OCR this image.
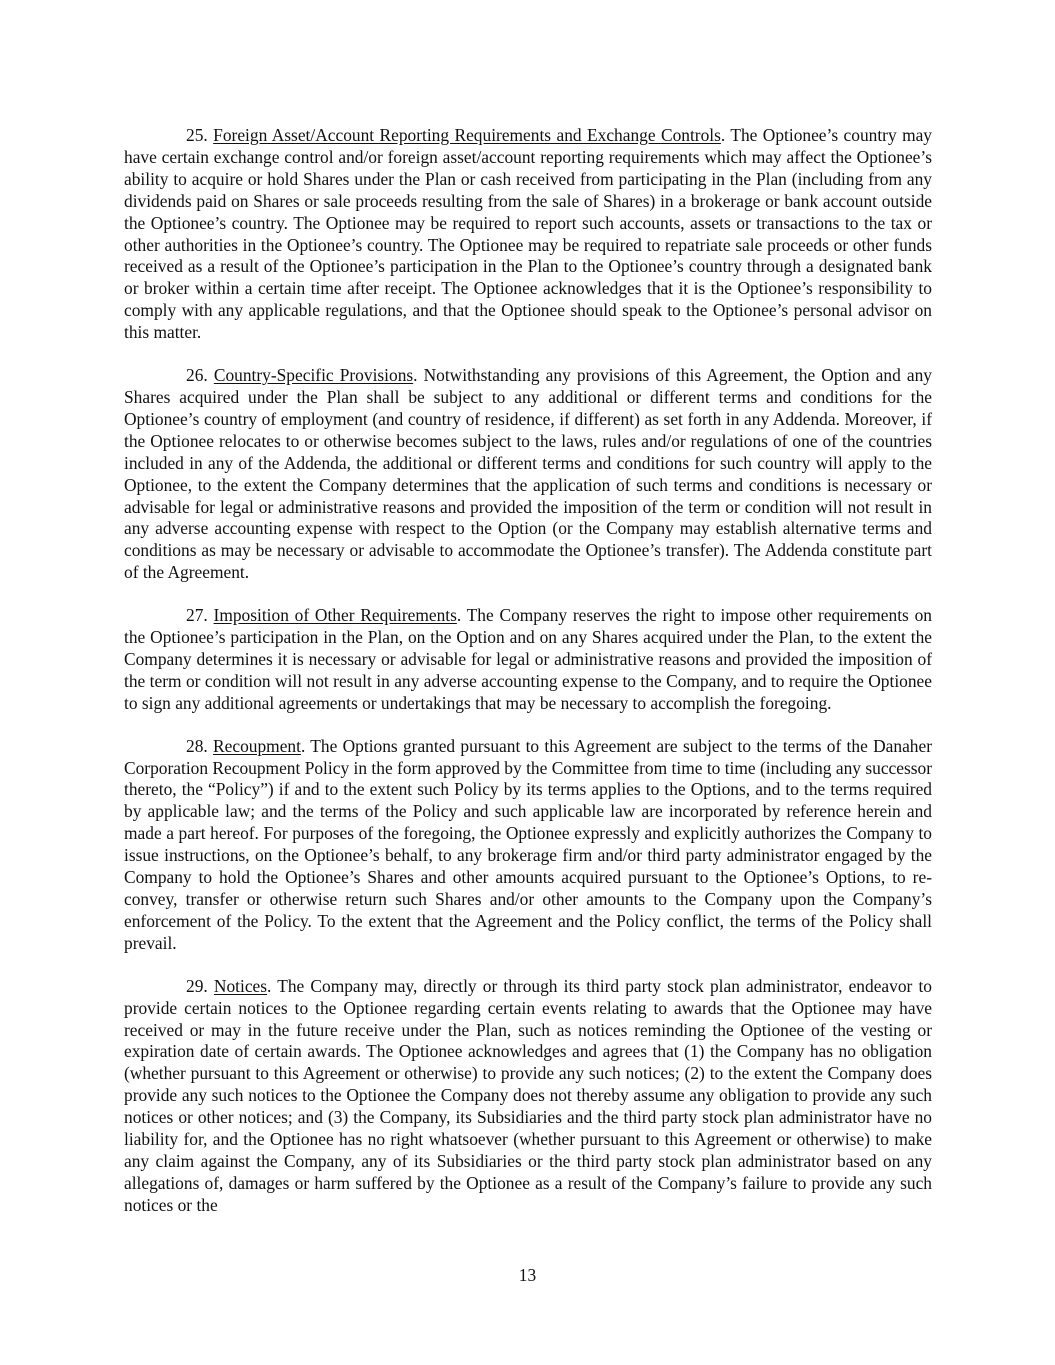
25. Foreign Asset/Account Reporting Requirements and Exchange Controls. The Optionee’s country may have certain exchange control and/or foreign asset/account reporting requirements which may affect the Optionee’s ability to acquire or hold Shares under the Plan or cash received from participating in the Plan (including from any dividends paid on Shares or sale proceeds resulting from the sale of Shares) in a brokerage or bank account outside the Optionee’s country. The Optionee may be required to report such accounts, assets or transactions to the tax or other authorities in the Optionee’s country. The Optionee may be required to repatriate sale proceeds or other funds received as a result of the Optionee’s participation in the Plan to the Optionee’s country through a designated bank or broker within a certain time after receipt. The Optionee acknowledges that it is the Optionee’s responsibility to comply with any applicable regulations, and that the Optionee should speak to the Optionee’s personal advisor on this matter.

26. Country-Specific Provisions. Notwithstanding any provisions of this Agreement, the Option and any Shares acquired under the Plan shall be subject to any additional or different terms and conditions for the Optionee’s country of employment (and country of residence, if different) as set forth in any Addenda. Moreover, if the Optionee relocates to or otherwise becomes subject to the laws, rules and/or regulations of one of the countries included in any of the Addenda, the additional or different terms and conditions for such country will apply to the Optionee, to the extent the Company determines that the application of such terms and conditions is necessary or advisable for legal or administrative reasons and provided the imposition of the term or condition will not result in any adverse accounting expense with respect to the Option (or the Company may establish alternative terms and conditions as may be necessary or advisable to accommodate the Optionee’s transfer). The Addenda constitute part of the Agreement.

27. Imposition of Other Requirements. The Company reserves the right to impose other requirements on the Optionee’s participation in the Plan, on the Option and on any Shares acquired under the Plan, to the extent the Company determines it is necessary or advisable for legal or administrative reasons and provided the imposition of the term or condition will not result in any adverse accounting expense to the Company, and to require the Optionee to sign any additional agreements or undertakings that may be necessary to accomplish the foregoing.

28. Recoupment. The Options granted pursuant to this Agreement are subject to the terms of the Danaher Corporation Recoupment Policy in the form approved by the Committee from time to time (including any successor thereto, the “Policy”) if and to the extent such Policy by its terms applies to the Options, and to the terms required by applicable law; and the terms of the Policy and such applicable law are incorporated by reference herein and made a part hereof. For purposes of the foregoing, the Optionee expressly and explicitly authorizes the Company to issue instructions, on the Optionee’s behalf, to any brokerage firm and/or third party administrator engaged by the Company to hold the Optionee’s Shares and other amounts acquired pursuant to the Optionee’s Options, to re-convey, transfer or otherwise return such Shares and/or other amounts to the Company upon the Company’s enforcement of the Policy. To the extent that the Agreement and the Policy conflict, the terms of the Policy shall prevail.

29. Notices. The Company may, directly or through its third party stock plan administrator, endeavor to provide certain notices to the Optionee regarding certain events relating to awards that the Optionee may have received or may in the future receive under the Plan, such as notices reminding the Optionee of the vesting or expiration date of certain awards. The Optionee acknowledges and agrees that (1) the Company has no obligation (whether pursuant to this Agreement or otherwise) to provide any such notices; (2) to the extent the Company does provide any such notices to the Optionee the Company does not thereby assume any obligation to provide any such notices or other notices; and (3) the Company, its Subsidiaries and the third party stock plan administrator have no liability for, and the Optionee has no right whatsoever (whether pursuant to this Agreement or otherwise) to make any claim against the Company, any of its Subsidiaries or the third party stock plan administrator based on any allegations of, damages or harm suffered by the Optionee as a result of the Company’s failure to provide any such notices or the

13
